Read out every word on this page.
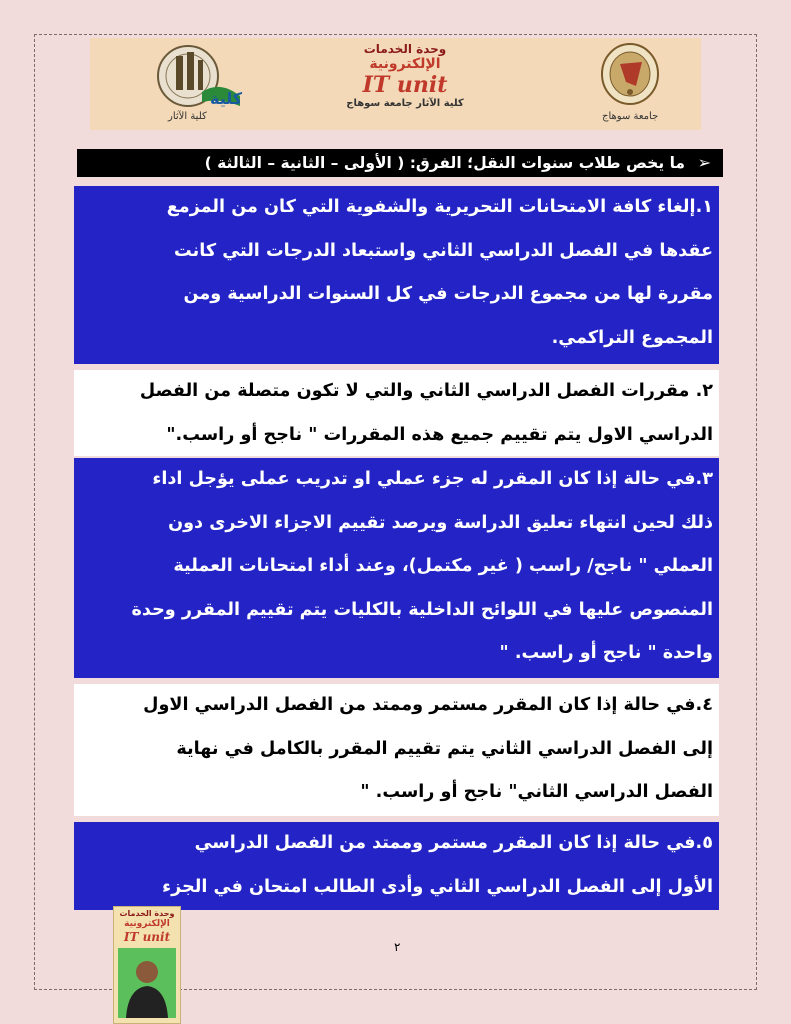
كلية
كلية الآثار
وحدة الخدمات
الإلكترونية
IT unit
كلية الآثار جامعة سوهاج
جامعة سوهاج
➢
ما يخص طلاب سنوات النقل؛ الفرق: ( الأولى – الثانية – الثالثة )
١.إلغاء كافة الامتحانات التحريرية والشفوية التي كان من المزمع
عقدها في الفصل الدراسي الثاني واستبعاد الدرجات التي كانت
مقررة لها من مجموع الدرجات في كل السنوات الدراسية ومن
المجموع التراكمي.
٢. مقررات الفصل الدراسي الثاني والتي لا تكون متصلة من الفصل
الدراسي الاول يتم تقييم جميع هذه المقررات " ناجح أو راسب."
٣.في حالة إذا كان المقرر له جزء عملي او تدريب عملى يؤجل اداء
ذلك لحين انتهاء تعليق الدراسة ويرصد تقييم الاجزاء الاخرى دون
العملي " ناجح/ راسب ( غير مكتمل)، وعند أداء امتحانات العملية
المنصوص عليها في اللوائح الداخلية بالكليات يتم تقييم المقرر وحدة
واحدة " ناجح أو راسب. "
٤.في حالة إذا كان المقرر مستمر وممتد من الفصل الدراسي الاول
إلى الفصل الدراسي الثاني يتم تقييم المقرر بالكامل في نهاية
الفصل الدراسي الثاني" ناجح أو راسب. "
٥.في حالة إذا كان المقرر مستمر وممتد من الفصل الدراسي
الأول إلى الفصل الدراسي الثاني وأدى الطالب امتحان في الجزء
٢
وحدة الخدمات
الإلكترونية
IT unit
